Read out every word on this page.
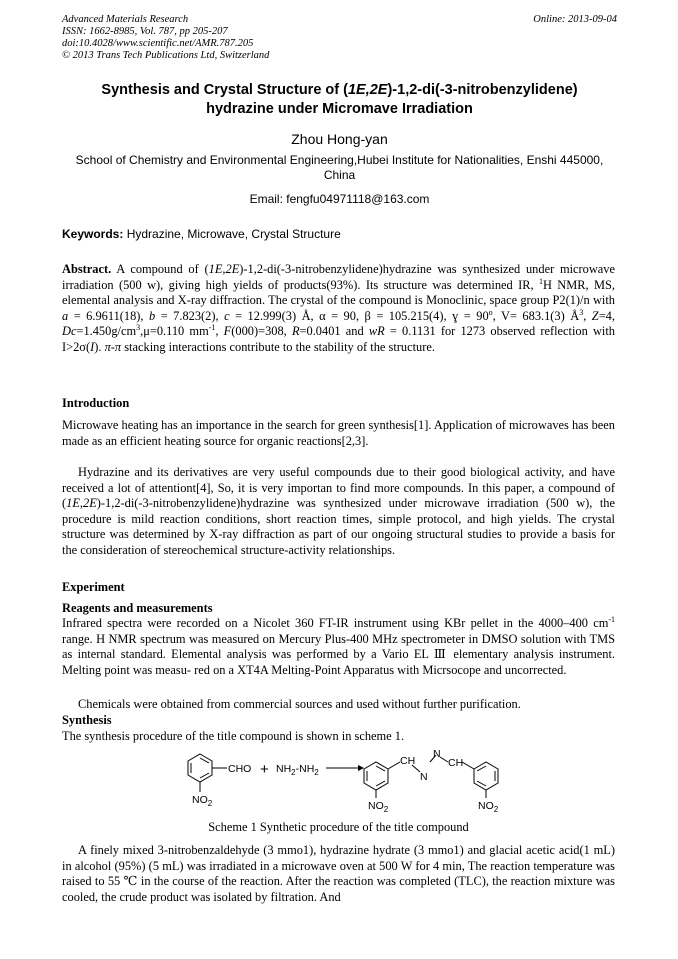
Advanced Materials Research
ISSN: 1662-8985, Vol. 787, pp 205-207
doi:10.4028/www.scientific.net/AMR.787.205
© 2013 Trans Tech Publications Ltd, Switzerland
Online: 2013-09-04
Synthesis and Crystal Structure of (1E,2E)-1,2-di(-3-nitrobenzylidene)
hydrazine under Micromave Irradiation
Zhou Hong-yan
School of Chemistry and Environmental Engineering,Hubei Institute for Nationalities, Enshi 445000, China
Email: fengfu04971118@163.com
Keywords: Hydrazine, Microwave, Crystal Structure
Abstract. A compound of (1E,2E)-1,2-di(-3-nitrobenzylidene)hydrazine was synthesized under microwave irradiation (500 w), giving high yields of products(93%). Its structure was determined IR, $^1$H NMR, MS, elemental analysis and X-ray diffraction. The crystal of the compound is Monoclinic, space group P2(1)/n with a = 6.9611(18), b = 7.823(2), c = 12.999(3) Å, α = 90, β = 105.215(4), ɣ = $90^o$, V= 683.1(3) $Å^3$, Z=4, $Dc=1.450g/cm^3,\mu=0.110$ $mm^{-1}$, F(000)=308, R=0.0401 and wR = 0.1131 for 1273 observed reflection with I>2σ(I). π-π stacking interactions contribute to the stability of the structure.
Introduction
Microwave heating has an importance in the search for green synthesis[1]. Application of microwaves has been made as an efficient heating source for organic reactions[2,3].
Hydrazine and its derivatives are very useful compounds due to their good biological activity, and have received a lot of attentiont[4], So, it is very importan to find more compounds. In this paper, a compound of (1E,2E)-1,2-di(-3-nitrobenzylidene)hydrazine was synthesized under microwave irradiation (500 w), the procedure is mild reaction conditions, short reaction times, simple protocol, and high yields. The crystal structure was determined by X-ray diffraction as part of our ongoing structural studies to provide a basis for the consideration of stereochemical structure-activity relationships.
Experiment
Reagents and measurements
Infrared spectra were recorded on a Nicolet 360 FT-IR instrument using KBr pellet in the 4000–400 $cm^{-1}$ range. H NMR spectrum was measured on Mercury Plus-400 MHz spectrometer in DMSO solution with TMS as internal standard. Elemental analysis was performed by a Vario EL Ⅲ elementary analysis instrument. Melting point was measu- red on a XT4A Melting-Point Apparatus with Micrsocope and uncorrected.
Chemicals were obtained from commercial sources and used without further purification.
Synthesis
The synthesis procedure of the title compound is shown in scheme 1.
CHO
$NO_2$
+ $NH_2-NH_2$
CH
N
N
CH
$NO_2$	$NO_2$
Scheme 1 Synthetic procedure of the title compound
A finely mixed 3-nitrobenzaldehyde (3 mmo1), hydrazine hydrate (3 mmo1) and glacial acetic acid(1 mL) in alcohol (95%) (5 mL) was irradiated in a microwave oven at 500 W for 4 min, The reaction temperature was raised to 55 ℃ in the course of the reaction. After the reaction was completed (TLC), the reaction mixture was cooled, the crude product was isolated by filtration. And
